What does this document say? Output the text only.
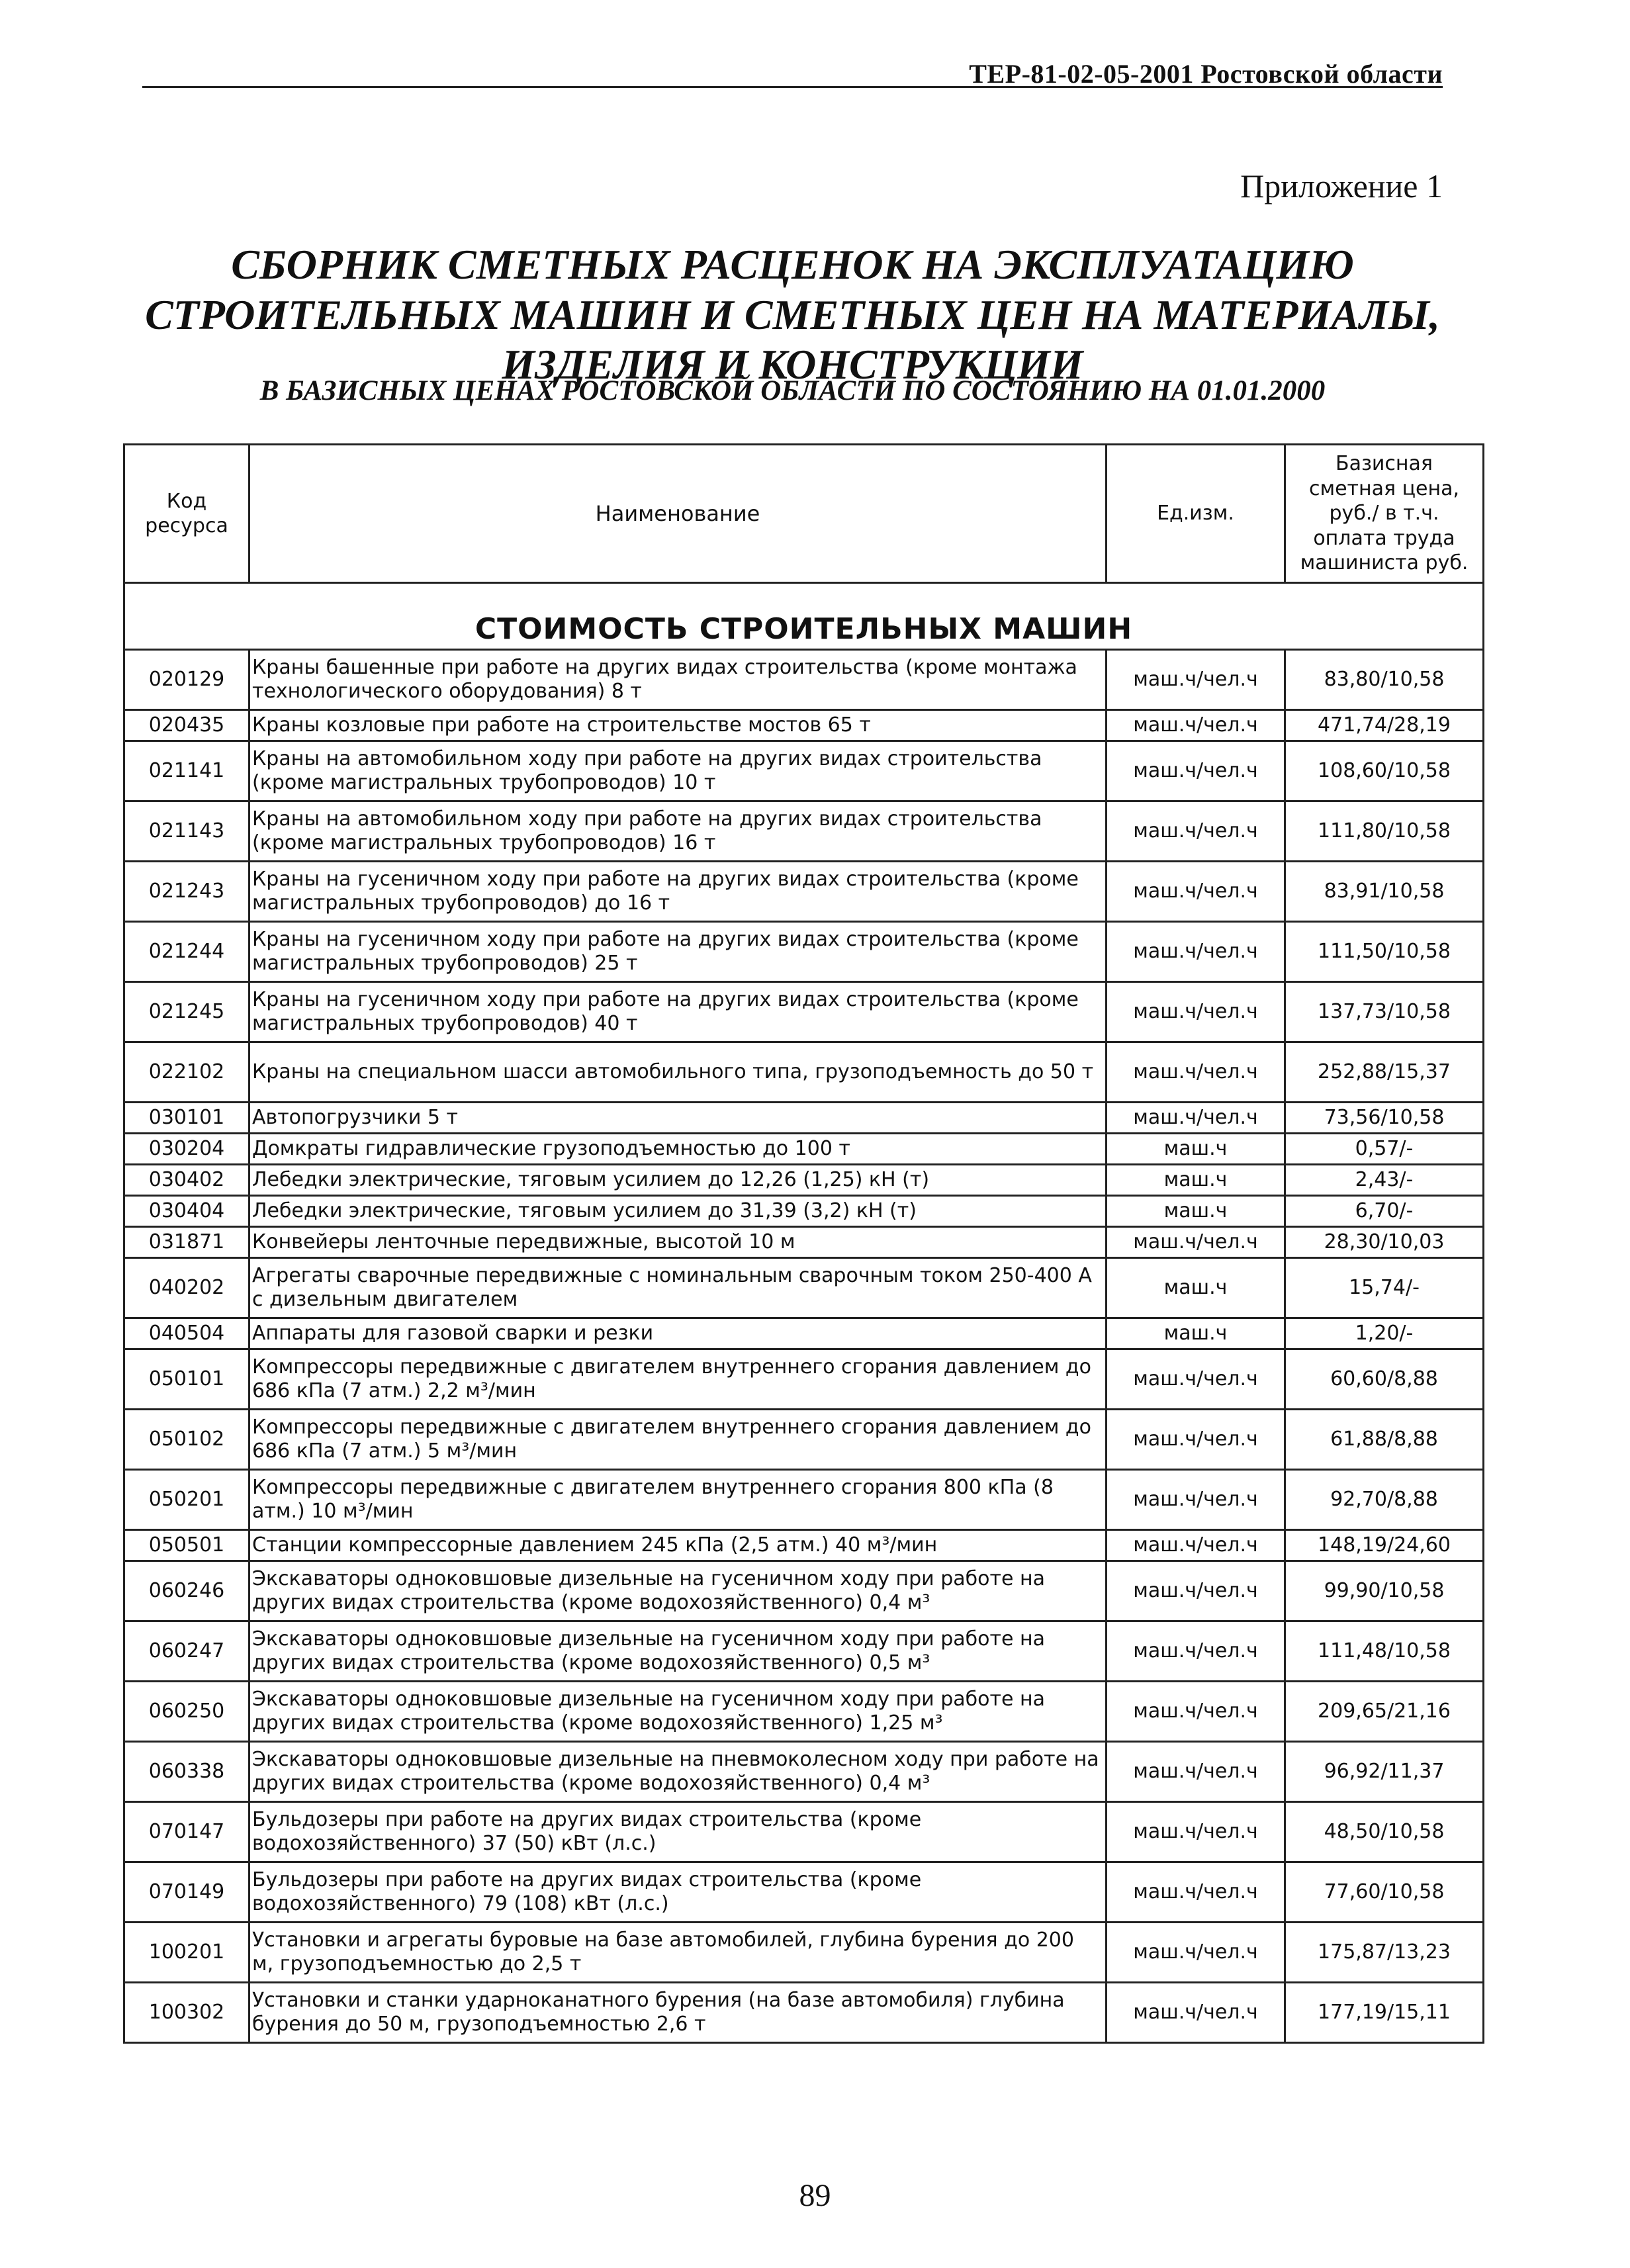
ТЕР-81-02-05-2001 Ростовской области
Приложение 1
СБОРНИК СМЕТНЫХ РАСЦЕНОК НА ЭКСПЛУАТАЦИЮ
СТРОИТЕЛЬНЫХ МАШИН И СМЕТНЫХ ЦЕН НА МАТЕРИАЛЫ,
ИЗДЕЛИЯ И КОНСТРУКЦИИ
В БАЗИСНЫХ ЦЕНАХ РОСТОВСКОЙ ОБЛАСТИ ПО СОСТОЯНИЮ НА 01.01.2000
Код ресурса	Наименование	Ед.изм.	Базисная сметная цена, руб./ в т.ч. оплата труда машиниста руб.
СТОИМОСТЬ СТРОИТЕЛЬНЫХ МАШИН			
020129	Краны башенные при работе на других видах строительства (кроме монтажа технологического оборудования) 8 т	маш.ч/чел.ч	83,80/10,58
020435	Краны козловые при работе на строительстве мостов 65 т	маш.ч/чел.ч	471,74/28,19
021141	Краны на автомобильном ходу при работе на других видах строительства (кроме магистральных трубопроводов) 10 т	маш.ч/чел.ч	108,60/10,58
021143	Краны на автомобильном ходу при работе на других видах строительства (кроме магистральных трубопроводов) 16 т	маш.ч/чел.ч	111,80/10,58
021243	Краны на гусеничном ходу при работе на других видах строительства (кроме магистральных трубопроводов) до 16 т	маш.ч/чел.ч	83,91/10,58
021244	Краны на гусеничном ходу при работе на других видах строительства (кроме магистральных трубопроводов) 25 т	маш.ч/чел.ч	111,50/10,58
021245	Краны на гусеничном ходу при работе на других видах строительства (кроме магистральных трубопроводов) 40 т	маш.ч/чел.ч	137,73/10,58
022102	Краны на специальном шасси автомобильного типа, грузоподъемность до 50 т	маш.ч/чел.ч	252,88/15,37
030101	Автопогрузчики 5 т	маш.ч/чел.ч	73,56/10,58
030204	Домкраты гидравлические грузоподъемностью до 100 т	маш.ч	0,57/-
030402	Лебедки электрические, тяговым усилием до 12,26 (1,25) кН (т)	маш.ч	2,43/-
030404	Лебедки электрические, тяговым усилием до 31,39 (3,2) кН (т)	маш.ч	6,70/-
031871	Конвейеры ленточные передвижные, высотой 10 м	маш.ч/чел.ч	28,30/10,03
040202	Агрегаты сварочные передвижные с номинальным сварочным током 250-400 А с дизельным двигателем	маш.ч	15,74/-
040504	Аппараты для газовой сварки и резки	маш.ч	1,20/-
050101	Компрессоры передвижные с двигателем внутреннего сгорания давлением до 686 кПа (7 атм.) 2,2 м³/мин	маш.ч/чел.ч	60,60/8,88
050102	Компрессоры передвижные с двигателем внутреннего сгорания давлением до 686 кПа (7 атм.) 5 м³/мин	маш.ч/чел.ч	61,88/8,88
050201	Компрессоры передвижные с двигателем внутреннего сгорания 800 кПа (8 атм.) 10 м³/мин	маш.ч/чел.ч	92,70/8,88
050501	Станции компрессорные давлением 245 кПа (2,5 атм.) 40 м³/мин	маш.ч/чел.ч	148,19/24,60
060246	Экскаваторы одноковшовые дизельные на гусеничном ходу при работе на других видах строительства (кроме водохозяйственного) 0,4 м³	маш.ч/чел.ч	99,90/10,58
060247	Экскаваторы одноковшовые дизельные на гусеничном ходу при работе на других видах строительства (кроме водохозяйственного) 0,5 м³	маш.ч/чел.ч	111,48/10,58
060250	Экскаваторы одноковшовые дизельные на гусеничном ходу при работе на других видах строительства (кроме водохозяйственного) 1,25 м³	маш.ч/чел.ч	209,65/21,16
060338	Экскаваторы одноковшовые дизельные на пневмоколесном ходу при работе на других видах строительства (кроме водохозяйственного) 0,4 м³	маш.ч/чел.ч	96,92/11,37
070147	Бульдозеры при работе на других видах строительства (кроме водохозяйственного) 37 (50) кВт (л.с.)	маш.ч/чел.ч	48,50/10,58
070149	Бульдозеры при работе на других видах строительства (кроме водохозяйственного) 79 (108) кВт (л.с.)	маш.ч/чел.ч	77,60/10,58
100201	Установки и агрегаты буровые на базе автомобилей, глубина бурения до 200 м, грузоподъемностью до 2,5 т	маш.ч/чел.ч	175,87/13,23
100302	Установки и станки ударноканатного бурения (на базе автомобиля) глубина бурения до 50 м, грузоподъемностью 2,6 т	маш.ч/чел.ч	177,19/15,11
89
